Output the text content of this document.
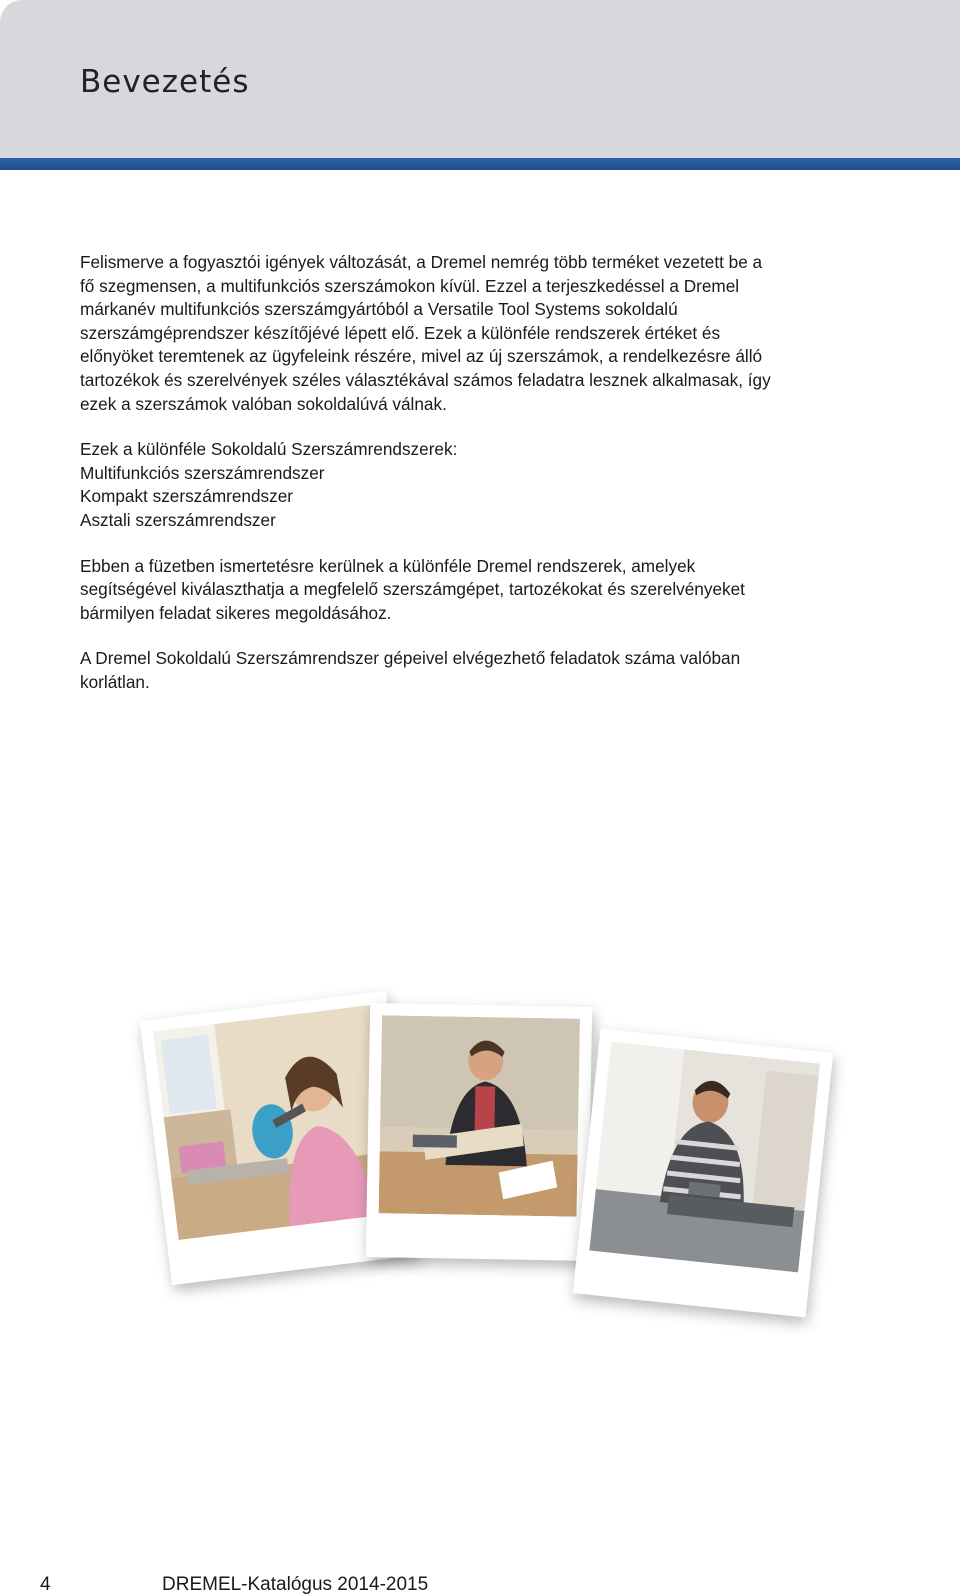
Bevezetés

Felismerve a fogyasztói igények változását, a Dremel nemrég több terméket vezetett be a
fő szegmensen, a multifunkciós szerszámokon kívül. Ezzel a terjeszkedéssel a Dremel
márkanév multifunkciós szerszámgyártóból a Versatile Tool Systems sokoldalú
szerszámgéprendszer készítőjévé lépett elő. Ezek a különféle rendszerek értéket és
előnyöket teremtenek az ügyfeleink részére, mivel az új szerszámok, a rendelkezésre álló
tartozékok és szerelvények széles választékával számos feladatra lesznek alkalmasak, így
ezek a szerszámok valóban sokoldalúvá válnak.

Ezek a különféle Sokoldalú Szerszámrendszerek:
Multifunkciós szerszámrendszer
Kompakt szerszámrendszer
Asztali szerszámrendszer

Ebben a füzetben ismertetésre kerülnek a különféle Dremel rendszerek, amelyek
segítségével kiválaszthatja a megfelelő szerszámgépet, tartozékokat és szerelvényeket
bármilyen feladat sikeres megoldásához.

A Dremel Sokoldalú Szerszámrendszer gépeivel elvégezhető feladatok száma valóban
korlátlan.

4	DREMEL-Katalógus 2014-2015
